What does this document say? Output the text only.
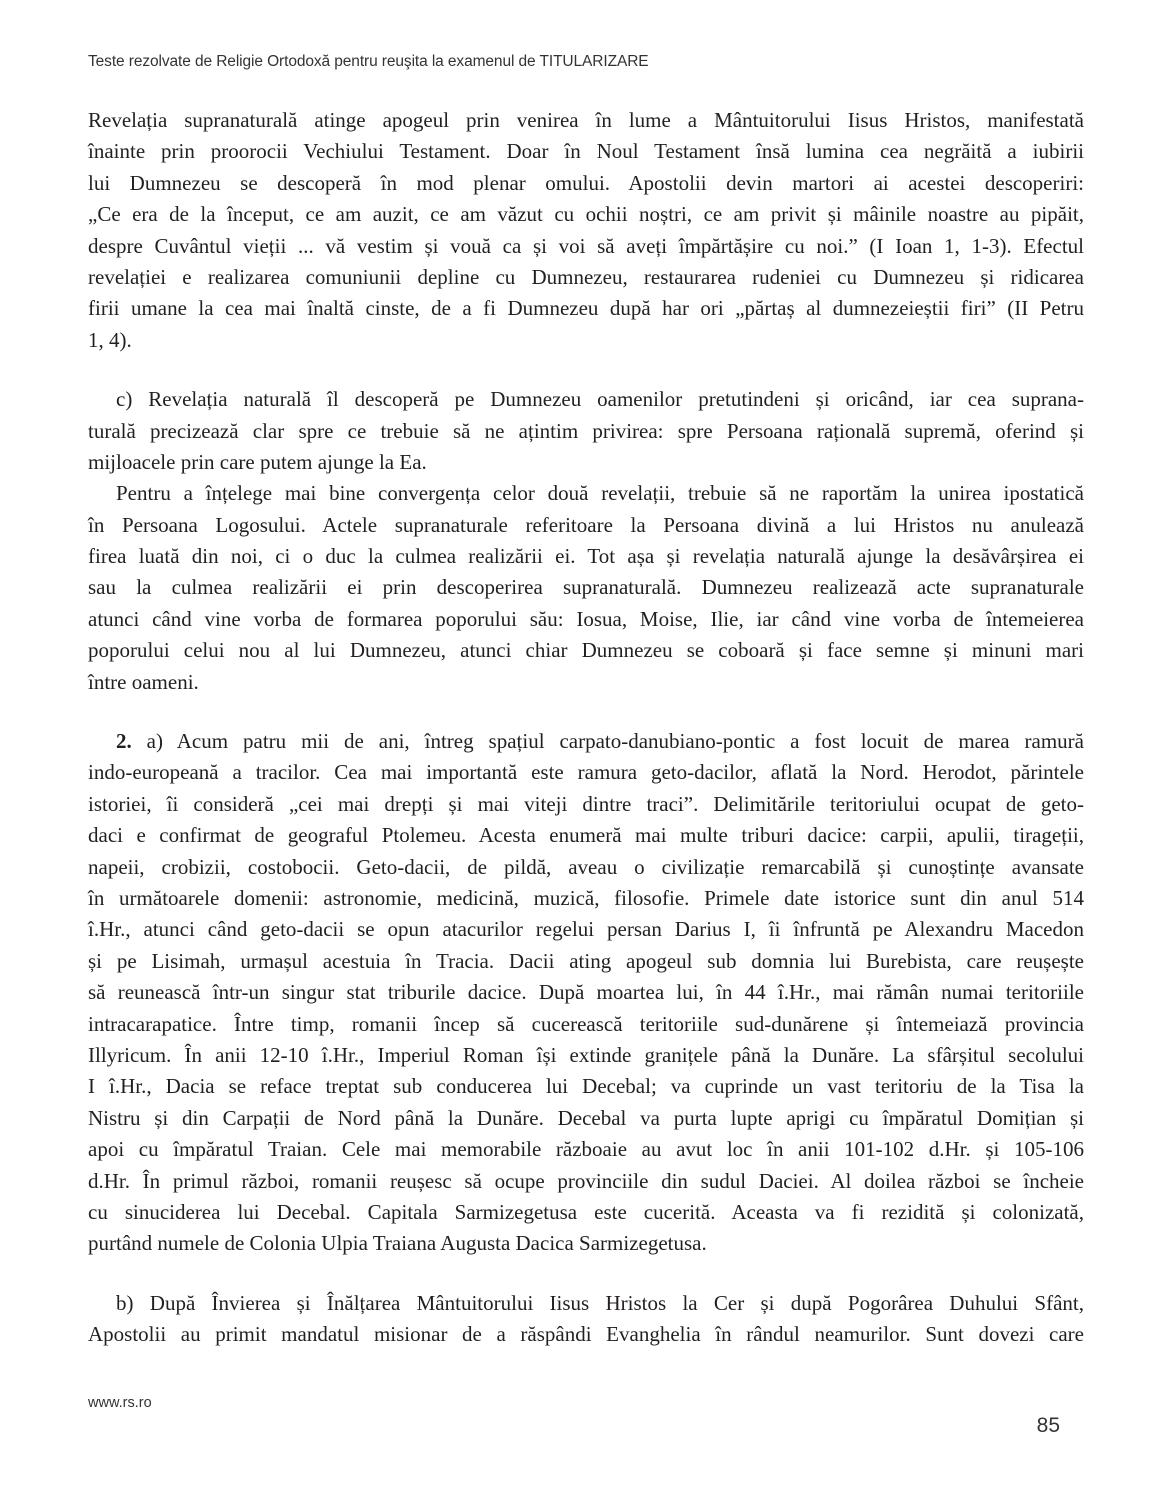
Teste rezolvate de Religie Ortodoxă pentru reuşita la examenul de TITULARIZARE
Revelația supranaturală atinge apogeul prin venirea în lume a Mântuitorului Iisus Hristos, manifestată
înainte prin proorocii Vechiului Testament. Doar în Noul Testament însă lumina cea negrăită a iubirii
lui Dumnezeu se descoperă în mod plenar omului. Apostolii devin martori ai acestei descoperiri:
„Ce era de la început, ce am auzit, ce am văzut cu ochii noștri, ce am privit și mâinile noastre au pipăit,
despre Cuvântul vieții ... vă vestim și vouă ca și voi să aveți împărtășire cu noi.” (I Ioan 1, 1-3). Efectul
revelației e realizarea comuniunii depline cu Dumnezeu, restaurarea rudeniei cu Dumnezeu și ridicarea
firii umane la cea mai înaltă cinste, de a fi Dumnezeu după har ori „părtaș al dumnezeieștii firi” (II Petru
1, 4).
c) Revelația naturală îl descoperă pe Dumnezeu oamenilor pretutindeni și oricând, iar cea suprana-
turală precizează clar spre ce trebuie să ne ațintim privirea: spre Persoana rațională supremă, oferind și
mijloacele prin care putem ajunge la Ea.
Pentru a înțelege mai bine convergența celor două revelații, trebuie să ne raportăm la unirea ipostatică
în Persoana Logosului. Actele supranaturale referitoare la Persoana divină a lui Hristos nu anulează
firea luată din noi, ci o duc la culmea realizării ei. Tot așa și revelația naturală ajunge la desăvârșirea ei
sau la culmea realizării ei prin descoperirea supranaturală. Dumnezeu realizează acte supranaturale
atunci când vine vorba de formarea poporului său: Iosua, Moise, Ilie, iar când vine vorba de întemeierea
poporului celui nou al lui Dumnezeu, atunci chiar Dumnezeu se coboară și face semne și minuni mari
între oameni.
2. a) Acum patru mii de ani, întreg spațiul carpato-danubiano-pontic a fost locuit de marea ramură
indo-europeană a tracilor. Cea mai importantă este ramura geto-dacilor, aflată la Nord. Herodot, părintele
istoriei, îi consideră „cei mai drepți și mai viteji dintre traci”. Delimitările teritoriului ocupat de geto-
daci e confirmat de geograful Ptolemeu. Acesta enumeră mai multe triburi dacice: carpii, apulii, tirageții,
napeii, crobizii, costobocii. Geto-dacii, de pildă, aveau o civilizație remarcabilă și cunoștințe avansate
în următoarele domenii: astronomie, medicină, muzică, filosofie. Primele date istorice sunt din anul 514
î.Hr., atunci când geto-dacii se opun atacurilor regelui persan Darius I, îi înfruntă pe Alexandru Macedon
și pe Lisimah, urmașul acestuia în Tracia. Dacii ating apogeul sub domnia lui Burebista, care reușește
să reunească într-un singur stat triburile dacice. După moartea lui, în 44 î.Hr., mai rămân numai teritoriile
intracarapatice. Între timp, romanii încep să cucerească teritoriile sud-dunărene și întemeiază provincia
Illyricum. În anii 12-10 î.Hr., Imperiul Roman își extinde granițele până la Dunăre. La sfârșitul secolului
I î.Hr., Dacia se reface treptat sub conducerea lui Decebal; va cuprinde un vast teritoriu de la Tisa la
Nistru și din Carpații de Nord până la Dunăre. Decebal va purta lupte aprigi cu împăratul Domițian și
apoi cu împăratul Traian. Cele mai memorabile războaie au avut loc în anii 101-102 d.Hr. și 105-106
d.Hr. În primul război, romanii reușesc să ocupe provinciile din sudul Daciei. Al doilea război se încheie
cu sinuciderea lui Decebal. Capitala Sarmizegetusa este cucerită. Aceasta va fi rezidită și colonizată,
purtând numele de Colonia Ulpia Traiana Augusta Dacica Sarmizegetusa.
b) După Învierea și Înălțarea Mântuitorului Iisus Hristos la Cer și după Pogorârea Duhului Sfânt,
Apostolii au primit mandatul misionar de a răspândi Evanghelia în rândul neamurilor. Sunt dovezi care
www.rs.ro
85
